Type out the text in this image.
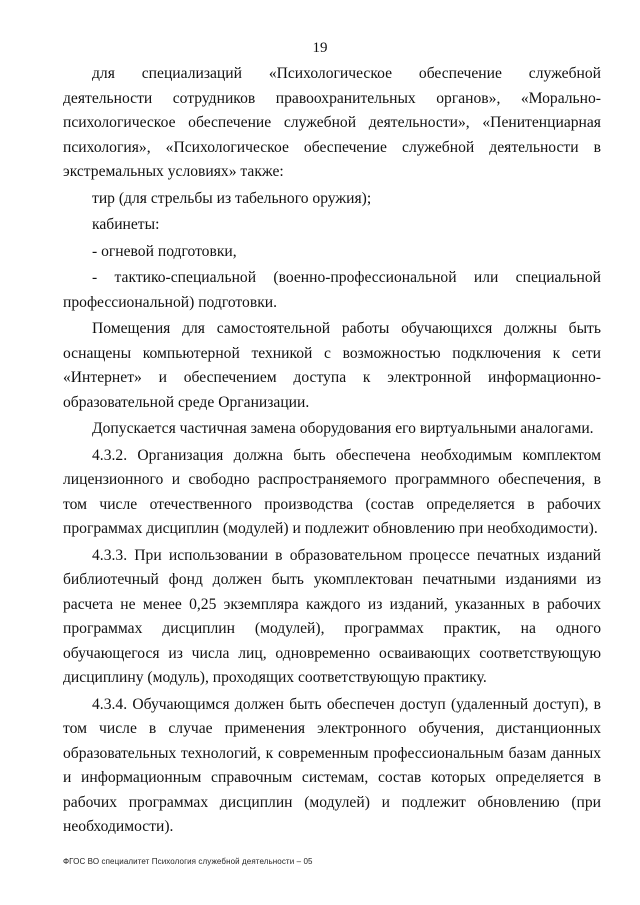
19

для специализаций «Психологическое обеспечение служебной деятельности сотрудников правоохранительных органов», «Морально-психологическое обеспечение служебной деятельности», «Пенитенциарная психология», «Психологическое обеспечение служебной деятельности в экстремальных условиях» также:

тир (для стрельбы из табельного оружия);

кабинеты:

- огневой подготовки,

- тактико-специальной (военно-профессиональной или специальной профессиональной) подготовки.

Помещения для самостоятельной работы обучающихся должны быть оснащены компьютерной техникой с возможностью подключения к сети «Интернет» и обеспечением доступа к электронной информационно-образовательной среде Организации.

Допускается частичная замена оборудования его виртуальными аналогами.

4.3.2. Организация должна быть обеспечена необходимым комплектом лицензионного и свободно распространяемого программного обеспечения, в том числе отечественного производства (состав определяется в рабочих программах дисциплин (модулей) и подлежит обновлению при необходимости).

4.3.3. При использовании в образовательном процессе печатных изданий библиотечный фонд должен быть укомплектован печатными изданиями из расчета не менее 0,25 экземпляра каждого из изданий, указанных в рабочих программах дисциплин (модулей), программах практик, на одного обучающегося из числа лиц, одновременно осваивающих соответствующую дисциплину (модуль), проходящих соответствующую практику.

4.3.4. Обучающимся должен быть обеспечен доступ (удаленный доступ), в том числе в случае применения электронного обучения, дистанционных образовательных технологий, к современным профессиональным базам данных и информационным справочным системам, состав которых определяется в рабочих программах дисциплин (модулей) и подлежит обновлению (при необходимости).

ФГОС ВО специалитет Психология служебной деятельности – 05
